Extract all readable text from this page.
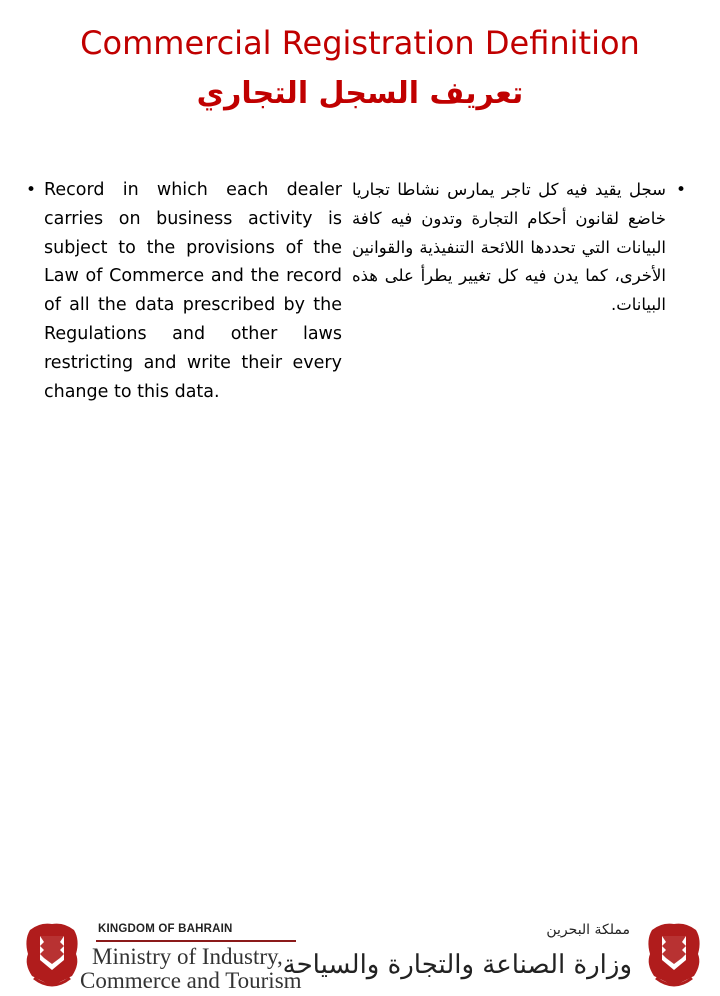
Commercial Registration Definition
تعريف السجل التجاري
• Record in which each dealer carries on business activity is subject to the provisions of the Law of Commerce and the record of all the data prescribed by the Regulations and other laws restricting and write their every change to this data.
•
سجل يقيد فيه كل تاجر يمارس نشاطا تجاريا خاضع لقانون أحكام التجارة وتدون فيه كافة البيانات التي تحددها اللائحة التنفيذية والقوانين الأخرى، كما يدن فيه كل تغيير يطرأ على هذه البيانات.
KINGDOM OF BAHRAIN
Ministry of Industry,
Commerce and Tourism
مملكة البحرين
وزارة الصناعة والتجارة والسياحة
